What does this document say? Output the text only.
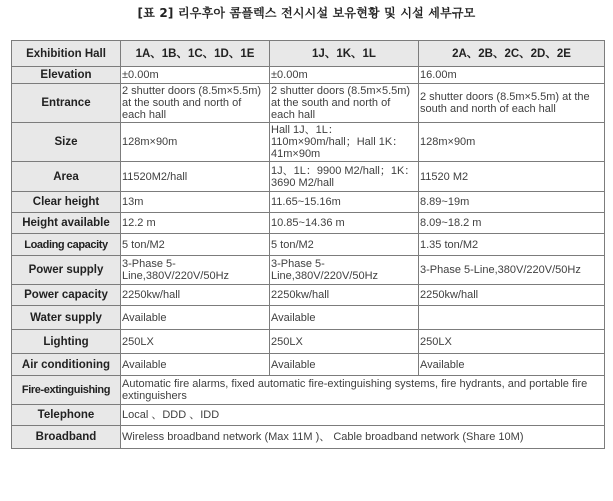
[표 2] 리우후아 콤플렉스 전시시설 보유현황 및 시설 세부규모
Exhibition Hall	1A、1B、1C、1D、1E	1J、1K、1L	2A、2B、2C、2D、2E
Elevation	±0.00m	±0.00m	16.00m
Entrance	2 shutter doors (8.5m×5.5m) at the south and north of each hall	2 shutter doors (8.5m×5.5m) at the south and north of each hall	2 shutter doors (8.5m×5.5m) at the south and north of each hall
Size	128m×90m	Hall 1J、1L：110m×90m/hall；Hall 1K：41m×90m	128m×90m
Area	11520M2/hall	1J、1L：9900 M2/hall；1K：3690 M2/hall	11520 M2
Clear height	13m	11.65~15.16m	8.89~19m
Height available	12.2 m	10.85~14.36 m	8.09~18.2 m
Loading capacity	5 ton/M2	5 ton/M2	1.35 ton/M2
Power supply	3-Phase 5-Line,380V/220V/50Hz	3-Phase 5-Line,380V/220V/50Hz	3-Phase 5-Line,380V/220V/50Hz
Power capacity	2250kw/hall	2250kw/hall	2250kw/hall
Water supply	Available	Available	
Lighting	250LX	250LX	250LX
Air conditioning	Available	Available	Available
Fire-extinguishing	Automatic fire alarms, fixed automatic fire-extinguishing systems, fire hydrants, and portable fire extinguishers		
Telephone	Local 、DDD 、IDD		
Broadband	Wireless broadband network (Max 11M )、 Cable broadband network (Share 10M)		
